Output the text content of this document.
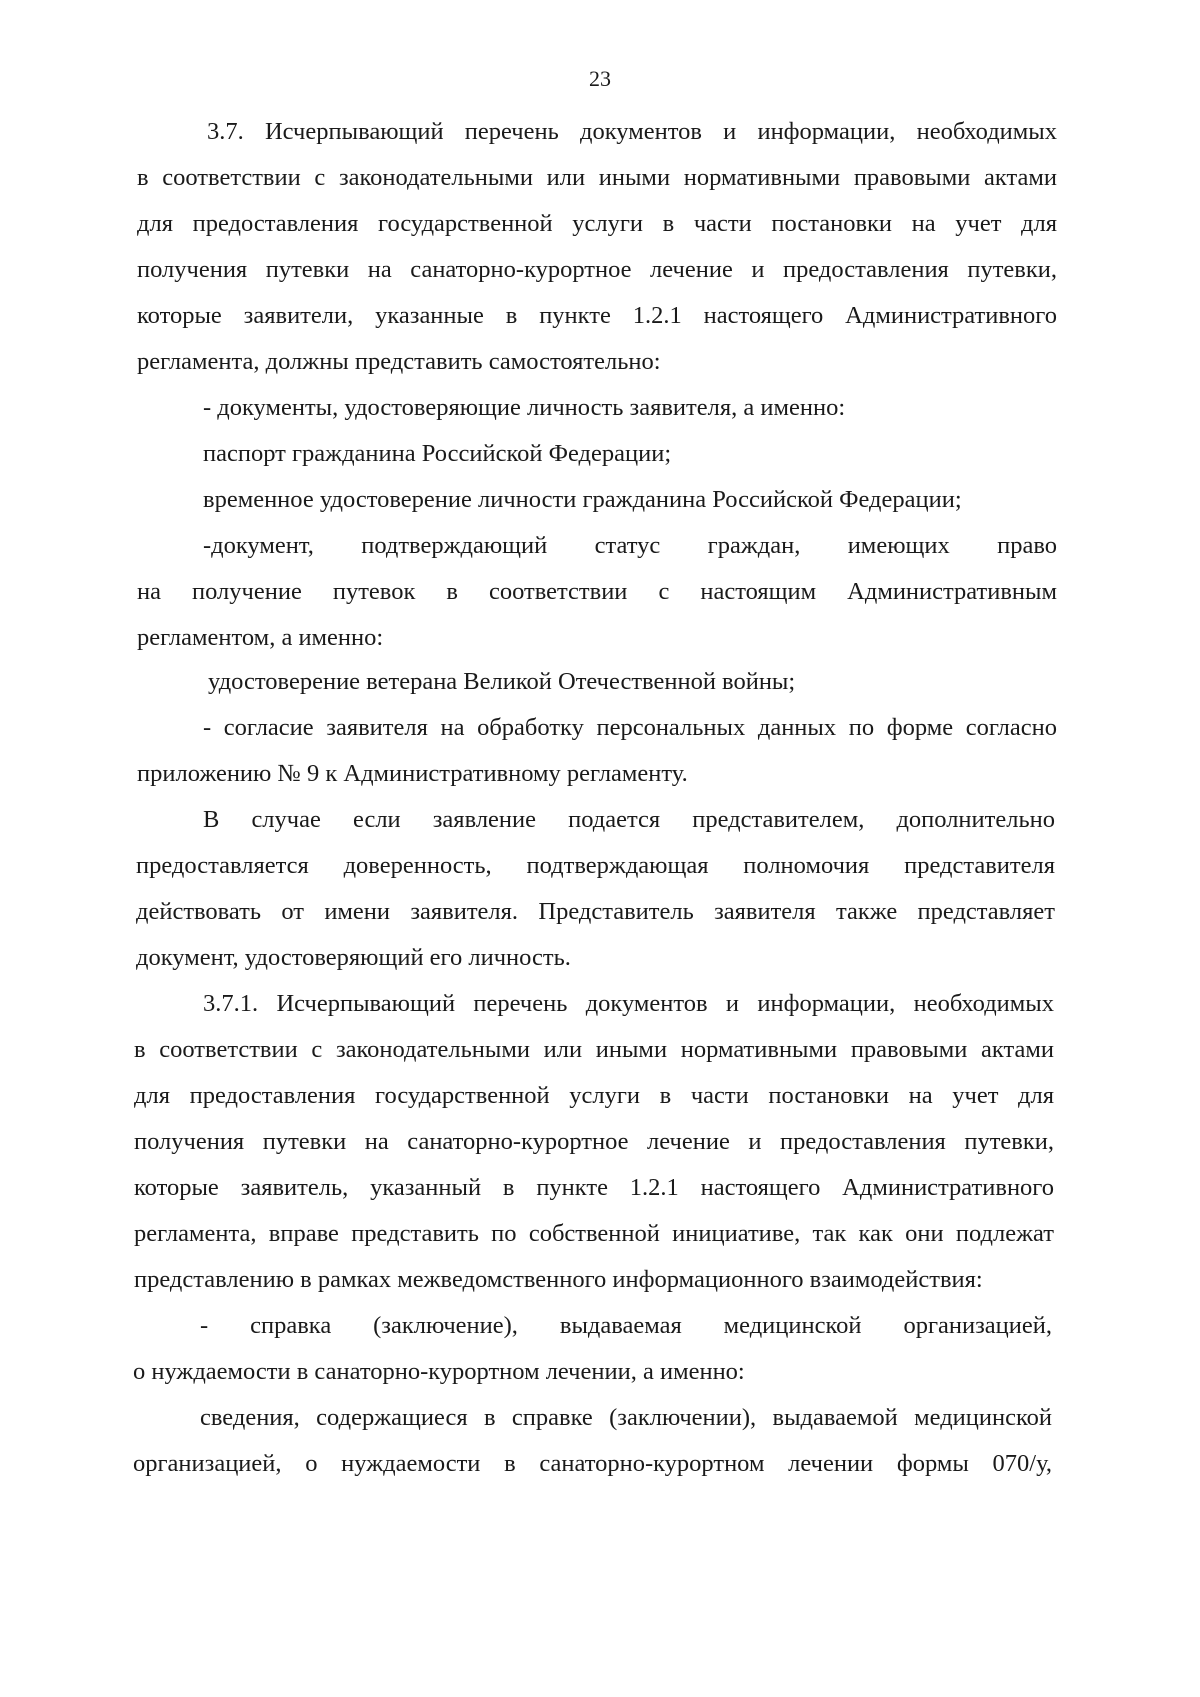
23
3.7. Исчерпывающий перечень документов и информации, необходимых
в соответствии с законодательными или иными нормативными правовыми актами
для предоставления государственной услуги в части постановки на учет для
получения путевки на санаторно-курортное лечение и предоставления путевки,
которые заявители, указанные в пункте 1.2.1 настоящего Административного
регламента, должны представить самостоятельно:
- документы, удостоверяющие личность заявителя, а именно:
паспорт гражданина Российской Федерации;
временное удостоверение личности гражданина Российской Федерации;
-документ, подтверждающий статус граждан, имеющих право
на получение путевок в соответствии с настоящим Административным
регламентом, а именно:
удостоверение ветерана Великой Отечественной войны;
- согласие заявителя на обработку персональных данных по форме согласно
приложению № 9 к Административному регламенту.
В случае если заявление подается представителем, дополнительно
предоставляется доверенность, подтверждающая полномочия представителя
действовать от имени заявителя. Представитель заявителя также представляет
документ, удостоверяющий его личность.
3.7.1. Исчерпывающий перечень документов и информации, необходимых
в соответствии с законодательными или иными нормативными правовыми актами
для предоставления государственной услуги в части постановки на учет для
получения путевки на санаторно-курортное лечение и предоставления путевки,
которые заявитель, указанный в пункте 1.2.1 настоящего Административного
регламента, вправе представить по собственной инициативе, так как они подлежат
представлению в рамках межведомственного информационного взаимодействия:
- справка (заключение), выдаваемая медицинской организацией,
о нуждаемости в санаторно-курортном лечении, а именно:
сведения, содержащиеся в справке (заключении), выдаваемой медицинской
организацией, о нуждаемости в санаторно-курортном лечении формы 070/у,
